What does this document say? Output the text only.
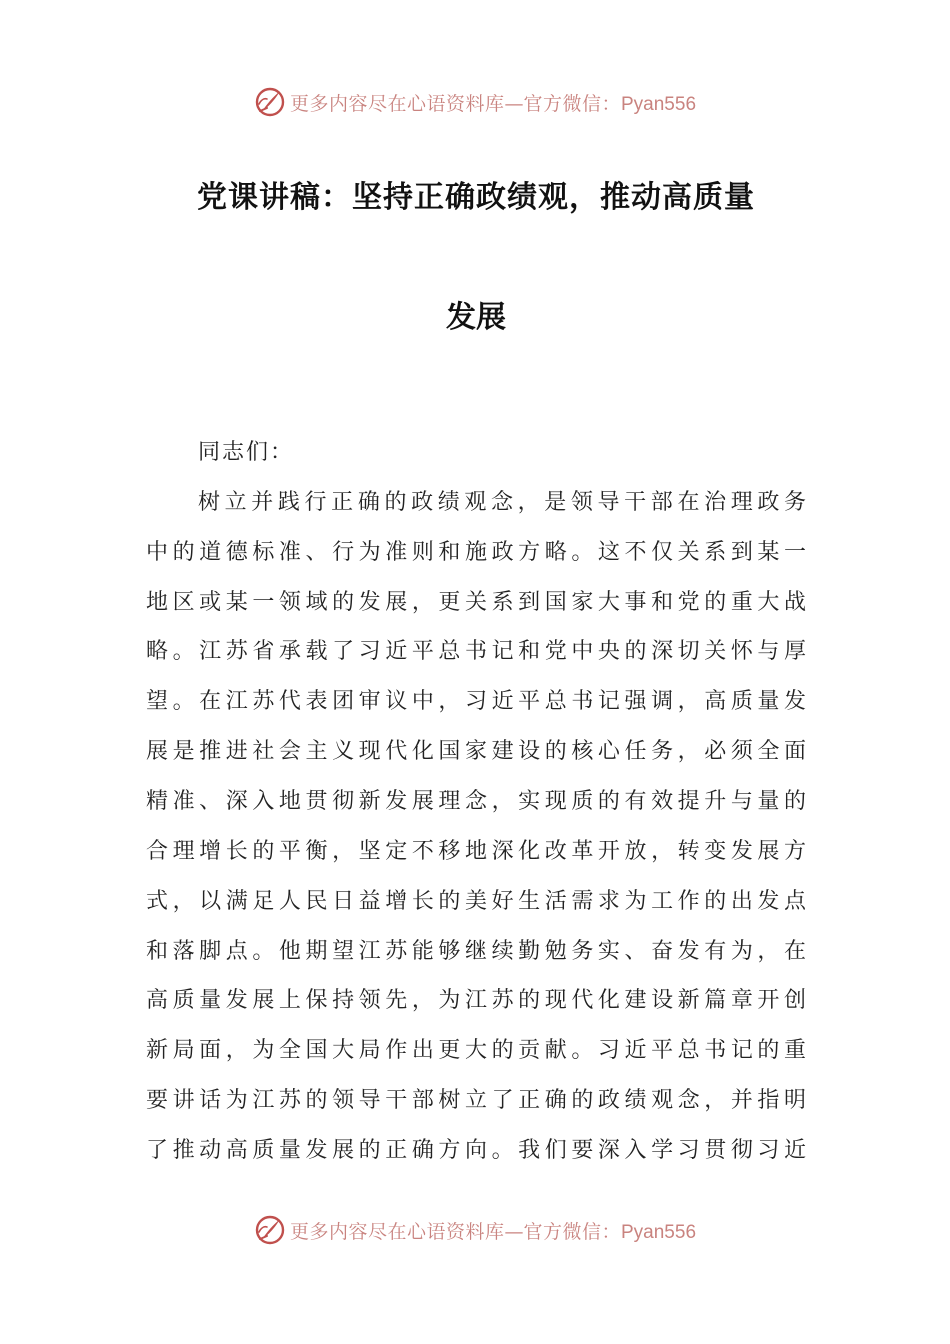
更多内容尽在心语资料库—官方微信：Pyan556
党课讲稿：坚持正确政绩观，推动高质量
发展
同志们：
树立并践行正确的政绩观念，是领导干部在治理政务
中的道德标准、行为准则和施政方略。这不仅关系到某一
地区或某一领域的发展，更关系到国家大事和党的重大战
略。江苏省承载了习近平总书记和党中央的深切关怀与厚
望。在江苏代表团审议中，习近平总书记强调，高质量发
展是推进社会主义现代化国家建设的核心任务，必须全面
精准、深入地贯彻新发展理念，实现质的有效提升与量的
合理增长的平衡，坚定不移地深化改革开放，转变发展方
式，以满足人民日益增长的美好生活需求为工作的出发点
和落脚点。他期望江苏能够继续勤勉务实、奋发有为，在
高质量发展上保持领先，为江苏的现代化建设新篇章开创
新局面，为全国大局作出更大的贡献。习近平总书记的重
要讲话为江苏的领导干部树立了正确的政绩观念，并指明
了推动高质量发展的正确方向。我们要深入学习贯彻习近
更多内容尽在心语资料库—官方微信：Pyan556
